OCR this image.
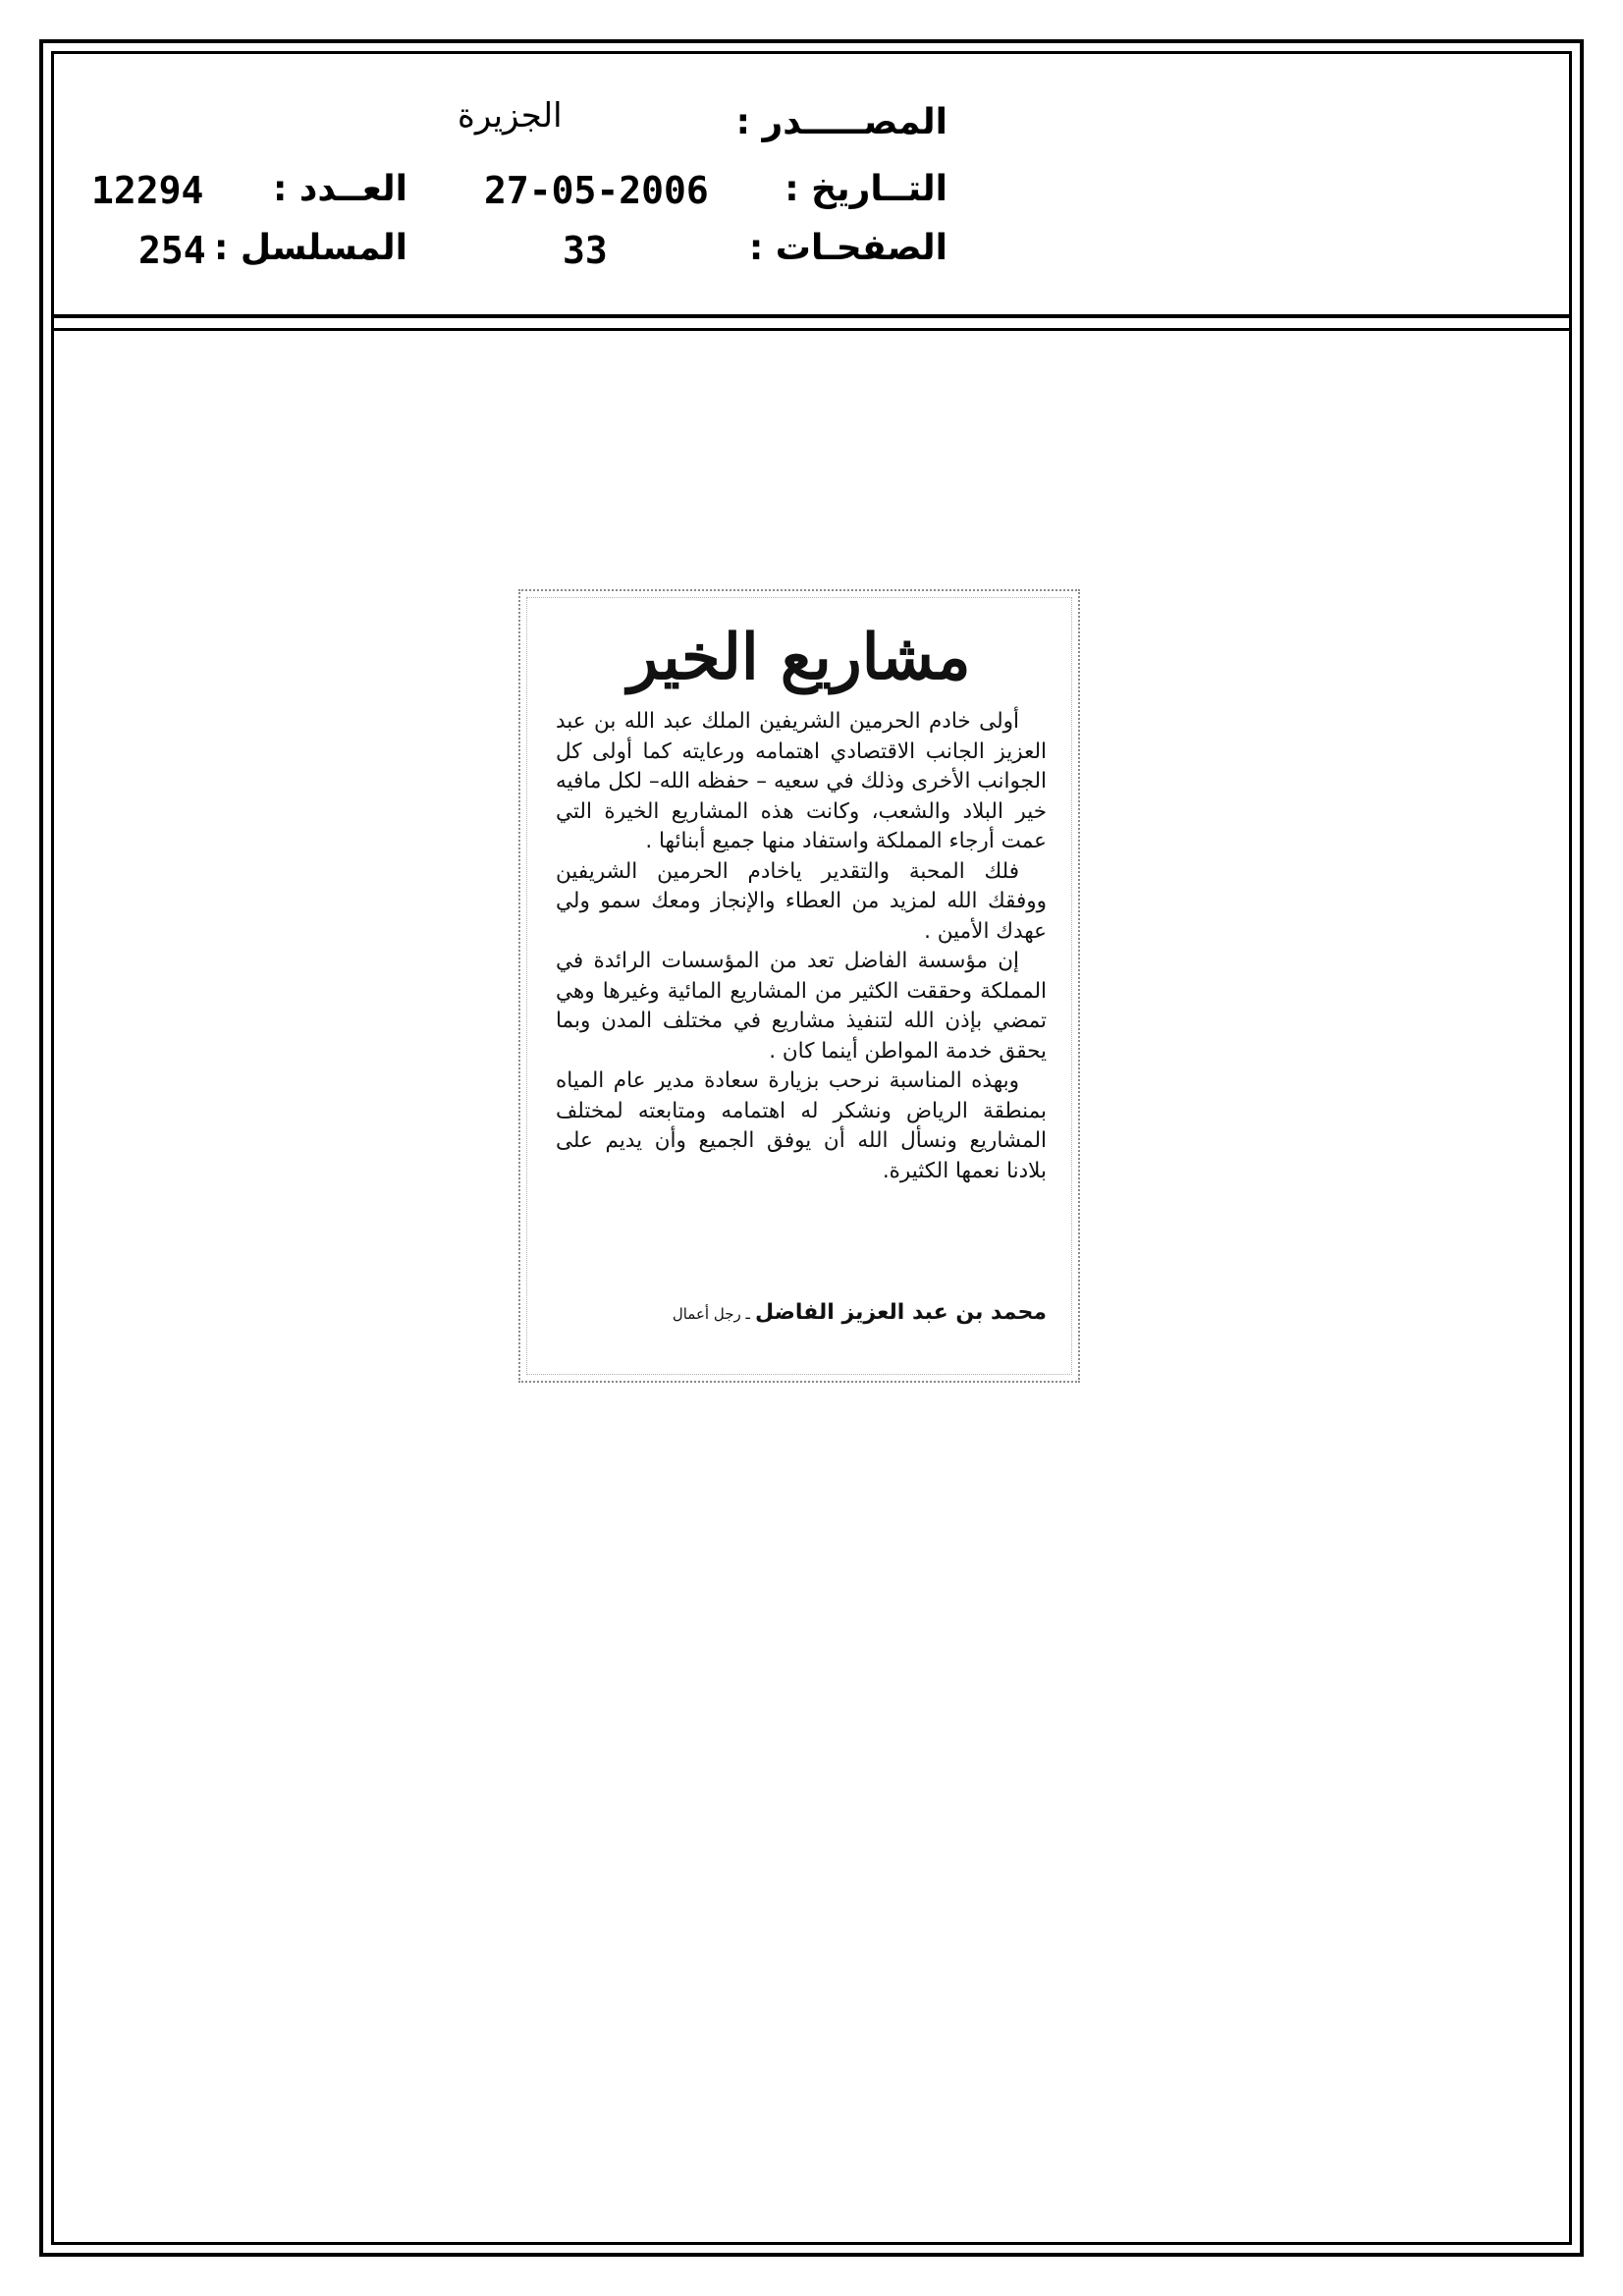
المصـــــدر :
الجزيرة
التــاريخ :
27-05-2006
الصفحـات :
33
العــدد :
12294
المسلسل :
254
مشاريع الخير

أولى خادم الحرمين الشريفين الملك عبد الله بن عبد العزيز الجانب الاقتصادي اهتمامه ورعايته كما أولى كل الجوانب الأخرى وذلك في سعيه – حفظه الله– لكل مافيه خير البلاد والشعب، وكانت هذه المشاريع الخيرة التي عمت أرجاء المملكة واستفاد منها جميع أبنائها .

فلك المحبة والتقدير ياخادم الحرمين الشريفين ووفقك الله لمزيد من العطاء والإنجاز ومعك سمو ولي عهدك الأمين .

إن مؤسسة الفاضل تعد من المؤسسات الرائدة في المملكة وحققت الكثير من المشاريع المائية وغيرها وهي تمضي بإذن الله لتنفيذ مشاريع في مختلف المدن وبما يحقق خدمة المواطن أينما كان .

وبهذه المناسبة نرحب بزيارة سعادة مدير عام المياه بمنطقة الرياض ونشكر له اهتمامه ومتابعته لمختلف المشاريع ونسأل الله أن يوفق الجميع وأن يديم على بلادنا نعمها الكثيرة.

محمد بن عبد العزيز الفاضل ـ رجل أعمال
